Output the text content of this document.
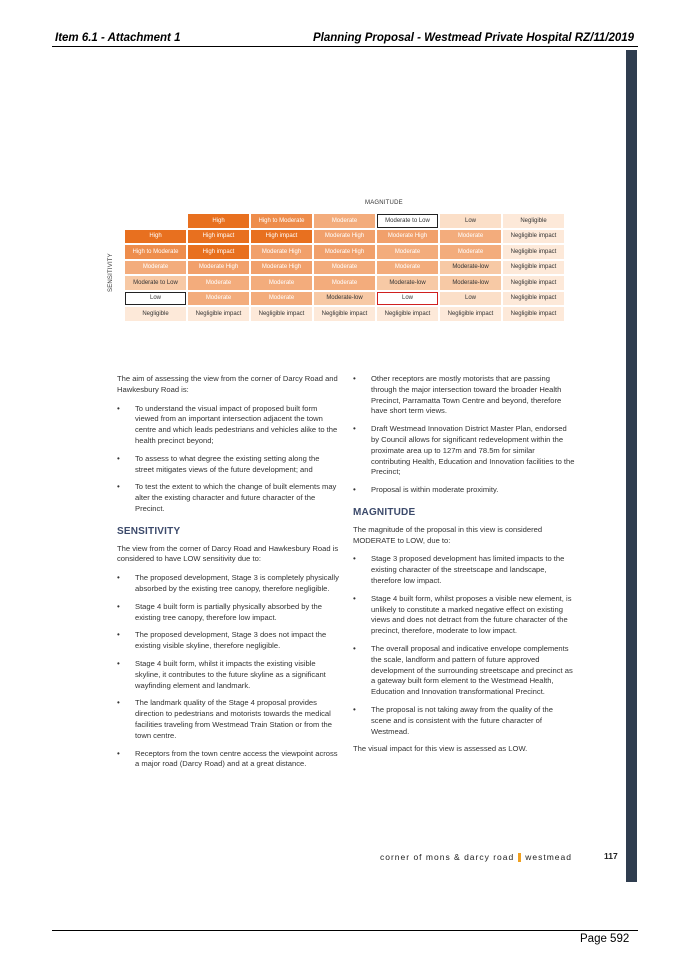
Item 6.1 - Attachment 1	Planning Proposal - Westmead Private Hospital RZ/11/2019
MAGNITUDE
SENSITIVITY
	High	High to Moderate	Moderate	Moderate to Low	Low	Negligible
High	High impact	High impact	Moderate High	Moderate High	Moderate	Negligible impact
High to Moderate	High impact	Moderate High	Moderate High	Moderate	Moderate	Negligible impact
Moderate	Moderate High	Moderate High	Moderate	Moderate	Moderate-low	Negligible impact
Moderate to Low	Moderate	Moderate	Moderate	Moderate-low	Moderate-low	Negligible impact
Low	Moderate	Moderate	Moderate-low	Low	Low	Negligible impact
Negligible	Negligible impact	Negligible impact	Negligible impact	Negligible impact	Negligible impact	Negligible impact

The aim of assessing the view from the corner of Darcy Road and Hawkesbury Road is:

• To understand the visual impact of proposed built form viewed from an important intersection adjacent the town centre and which leads pedestrians and vehicles alike to the health precinct beyond;
• To assess to what degree the existing setting along the street mitigates views of the future development; and
• To test the extent to which the change of built elements may alter the existing character and future character of the Precinct.
SENSITIVITY

The view from the corner of Darcy Road and Hawkesbury Road is considered to have LOW sensitivity due to:

• The proposed development, Stage 3 is completely physically absorbed by the existing tree canopy, therefore negligible.
• Stage 4 built form is partially physically absorbed by the existing tree canopy, therefore low impact.
• The proposed development, Stage 3 does not impact the existing visible skyline, therefore negligible.
• Stage 4 built form, whilst it impacts the existing visible skyline, it contributes to the future skyline as a significant wayfinding element and landmark.
• The landmark quality of the Stage 4 proposal provides direction to pedestrians and motorists towards the medical facilities traveling from Westmead Train Station or from the town centre.
• Receptors from the town centre access the viewpoint across a major road (Darcy Road) and at a great distance.
• Other receptors are mostly motorists that are passing through the major intersection toward the broader Health Precinct, Parramatta Town Centre and beyond, therefore have short term views.
• Draft Westmead Innovation District Master Plan, endorsed by Council allows for significant redevelopment within the proximate area up to 127m and 78.5m for similar contributing Health, Education and Innovation facilities to the Precinct;
• Proposal is within moderate proximity.
MAGNITUDE

The magnitude of the proposal in this view is considered MODERATE to LOW, due to:

• Stage 3 proposed development has limited impacts to the existing character of the streetscape and landscape, therefore low impact.
• Stage 4 built form, whilst proposes a visible new element, is unlikely to constitute a marked negative effect on existing views and does not detract from the future character of the precinct, therefore, moderate to low impact.
• The overall proposal and indicative envelope complements the scale, landform and pattern of future approved development of the surrounding streetscape and precinct as a gateway built form element to the Westmead Health, Education and Innovation transformational Precinct.
• The proposal is not taking away from the quality of the scene and is consistent with the future character of Westmead.

The visual impact for this view is assessed as LOW.

corner of mons & darcy road westmead	117
Page 592
